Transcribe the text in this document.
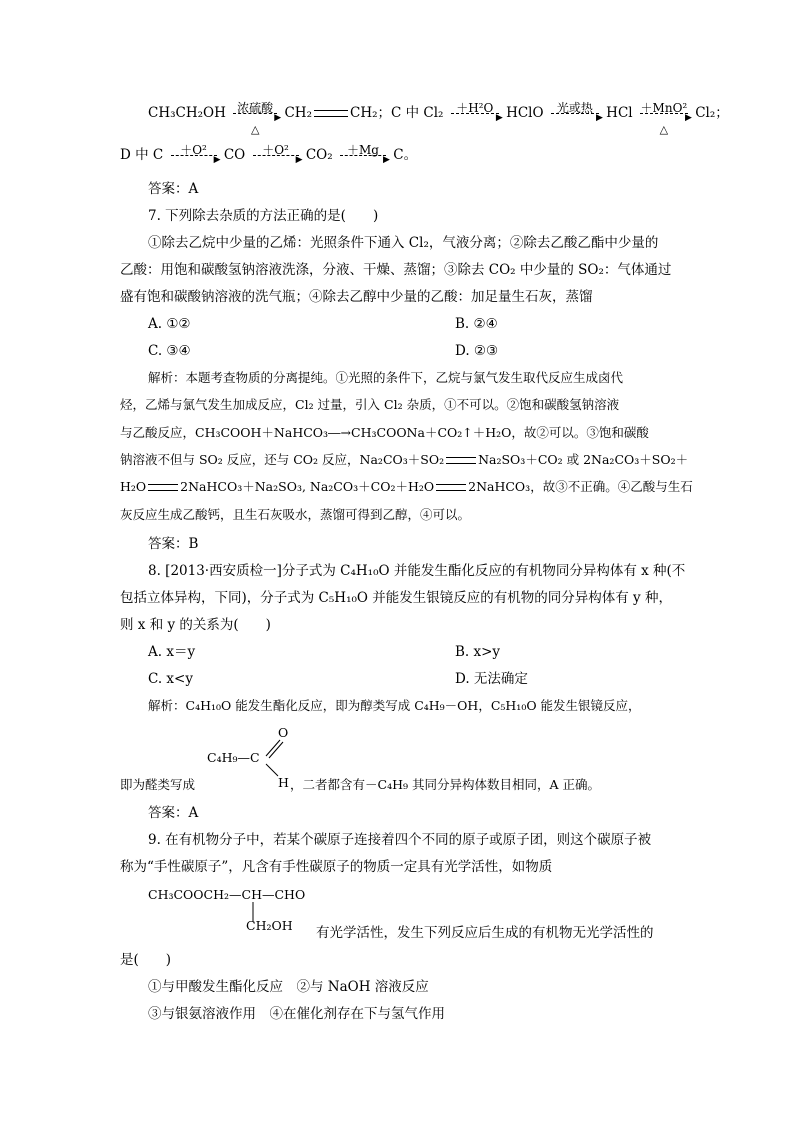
CH₃CH₂OH 浓硫酸
▶
△
CH₂	CH₂；C 中 Cl₂	＋H²O
▶ HClO	光或热
▶ HCl ＋MnO²
▶
△
Cl₂；
D 中 C	＋O²
▶ CO	＋O²
▶ CO₂	＋Mg
▶ C。
答案：A
7. 下列除去杂质的方法正确的是(　　)
①除去乙烷中少量的乙烯：光照条件下通入 Cl₂，气液分离；②除去乙酸乙酯中少量的
乙酸：用饱和碳酸氢钠溶液洗涤，分液、干燥、蒸馏；③除去 CO₂ 中少量的 SO₂：气体通过
盛有饱和碳酸钠溶液的洗气瓶；④除去乙醇中少量的乙酸：加足量生石灰，蒸馏
A. ①②	B. ②④
C. ③④	D. ②③
解析：本题考查物质的分离提纯。①光照的条件下，乙烷与氯气发生取代反应生成卤代
烃，乙烯与氯气发生加成反应，Cl₂ 过量，引入 Cl₂ 杂质，①不可以。②饱和碳酸氢钠溶液
与乙酸反应，CH₃COOH＋NaHCO₃―→CH₃COONa＋CO₂↑＋H₂O，故②可以。③饱和碳酸
钠溶液不但与 SO₂ 反应，还与 CO₂ 反应，Na₂CO₃＋SO₂	Na₂SO₃＋CO₂ 或 2Na₂CO₃＋SO₂＋
H₂O	2NaHCO₃＋Na₂SO₃, Na₂CO₃＋CO₂＋H₂O	2NaHCO₃，故③不正确。④乙酸与生石
灰反应生成乙酸钙，且生石灰吸水，蒸馏可得到乙醇，④可以。
答案：B
8. [2013·西安质检一]分子式为 C₄H₁₀O 并能发生酯化反应的有机物同分异构体有 x 种(不
包括立体异构，下同)，分子式为 C₅H₁₀O 并能发生银镜反应的有机物的同分异构体有 y 种，
则 x 和 y 的关系为(　　)
A. x＝y	B. x>y
C. x<y	D. 无法确定
解析：C₄H₁₀O 能发生酯化反应，即为醇类写成 C₄H₉－OH，C₅H₁₀O 能发生银镜反应，
O
C₄H₉—C
即为醛类写成	H ，二者都含有－C₄H₉ 其同分异构体数目相同，A 正确。
答案：A
9. 在有机物分子中，若某个碳原子连接着四个不同的原子或原子团，则这个碳原子被
称为“手性碳原子”，凡含有手性碳原子的物质一定具有光学活性，如物质
CH₃COOCH₂—CH—CHO
CH₂OH 有光学活性，发生下列反应后生成的有机物无光学活性的
是(　　)
①与甲酸发生酯化反应　②与 NaOH 溶液反应
③与银氨溶液作用　④在催化剂存在下与氢气作用
